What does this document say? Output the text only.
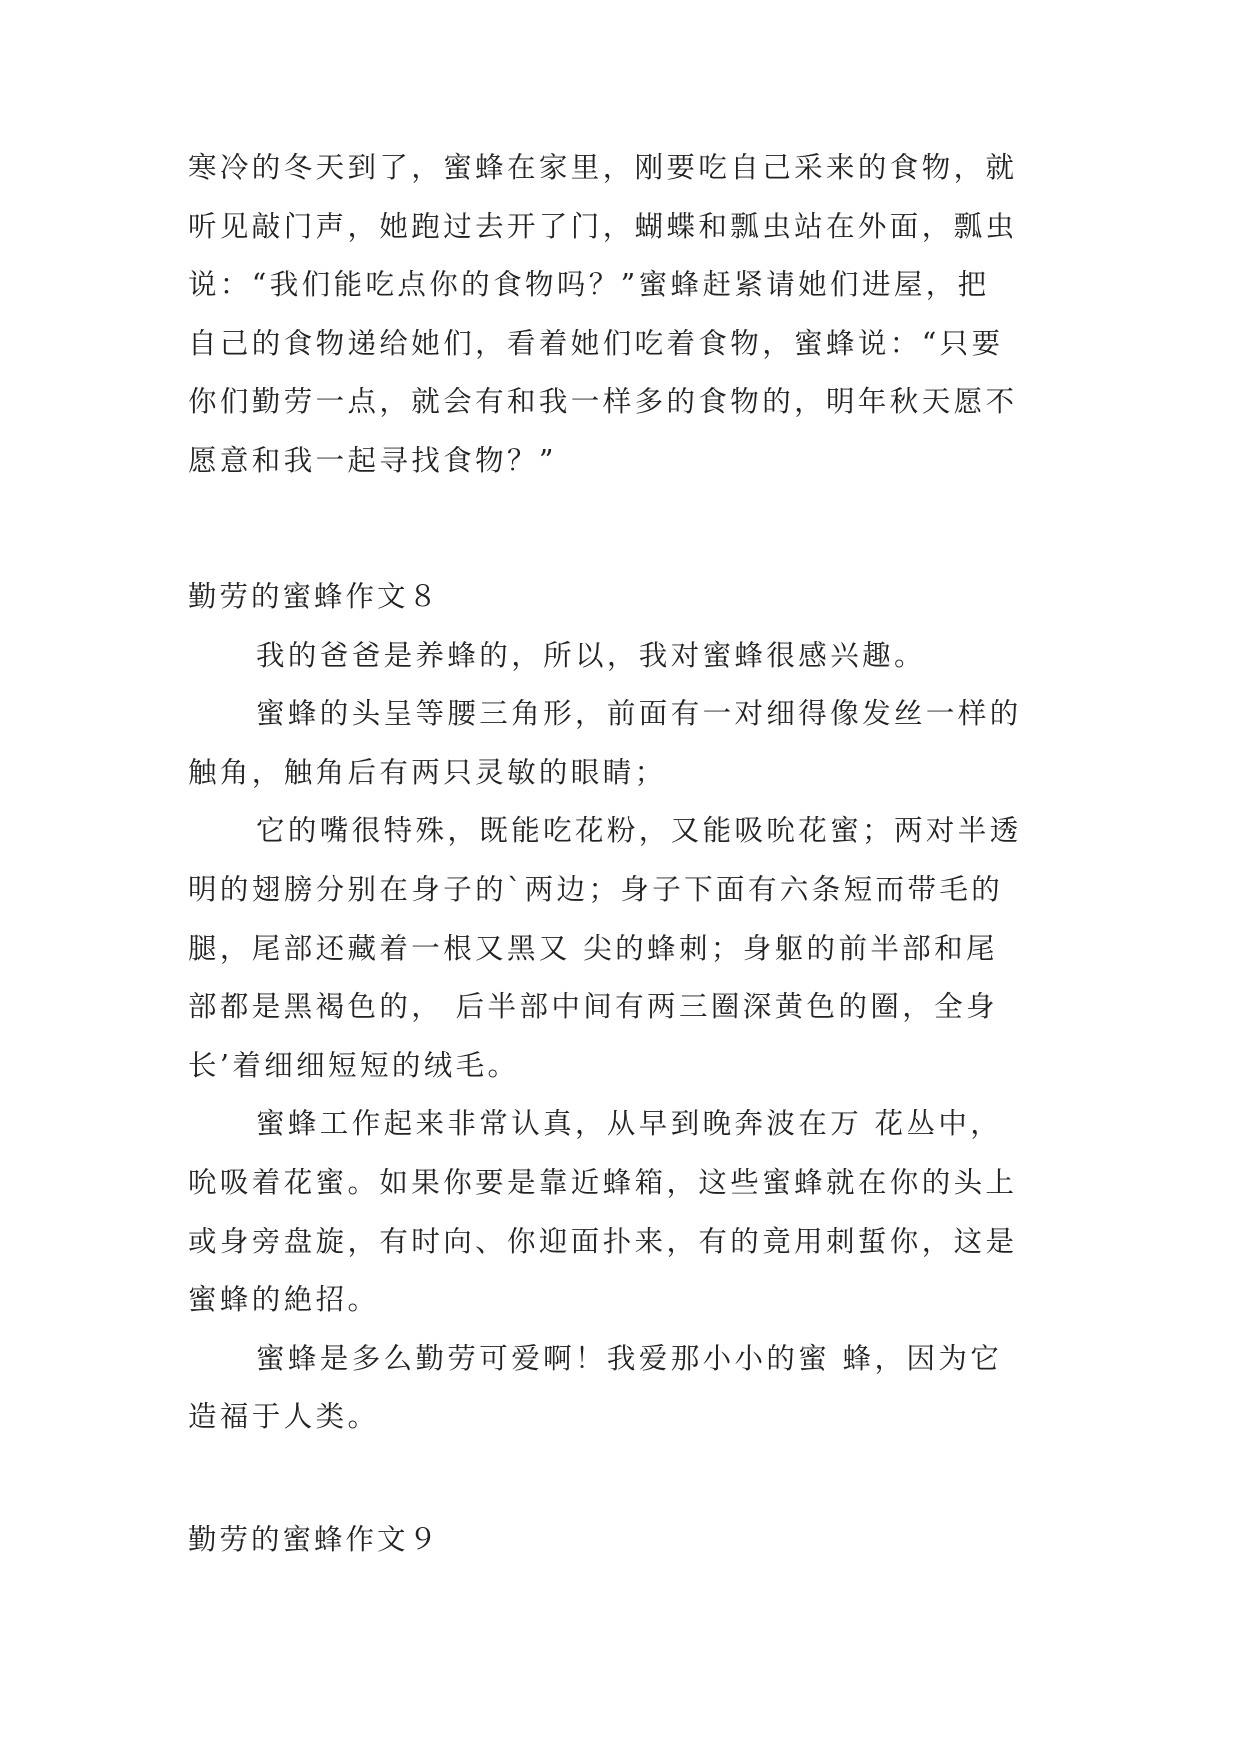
寒冷的冬天到了，蜜蜂在家里，刚要吃自己采来的食物，就
听见敲门声，她跑过去开了门，蝴蝶和瓢虫站在外面，瓢虫
说：“我们能吃点你的食物吗？”蜜蜂赶紧请她们进屋，把
自己的食物递给她们，看着她们吃着食物，蜜蜂说：“只要
你们勤劳一点，就会有和我一样多的食物的，明年秋天愿不
愿意和我一起寻找食物？”
勤劳的蜜蜂作文８
我的爸爸是养蜂的，所以，我对蜜蜂很感兴趣。
蜜蜂的头呈等腰三角形，前面有一对细得像发丝一样的
触角，触角后有两只灵敏的眼睛；
它的嘴很特殊，既能吃花粉，又能吸吮花蜜；两对半透
明的翅膀分别在身子的`两边；身子下面有六条短而带毛的
腿，尾部还藏着一根又黑又 尖的蜂刺；身躯的前半部和尾
部都是黑褐色的， 后半部中间有两三圈深黄色的圈，全身
长’着细细短短的绒毛。
蜜蜂工作起来非常认真，从早到晚奔波在万 花丛中，
吮吸着花蜜。如果你要是靠近蜂箱，这些蜜蜂就在你的头上
或身旁盘旋，有时向、你迎面扑来，有的竟用刺蜇你，这是
蜜蜂的絶招。
蜜蜂是多么勤劳可爱啊！我爱那小小的蜜 蜂，因为它
造福于人类。
勤劳的蜜蜂作文９
